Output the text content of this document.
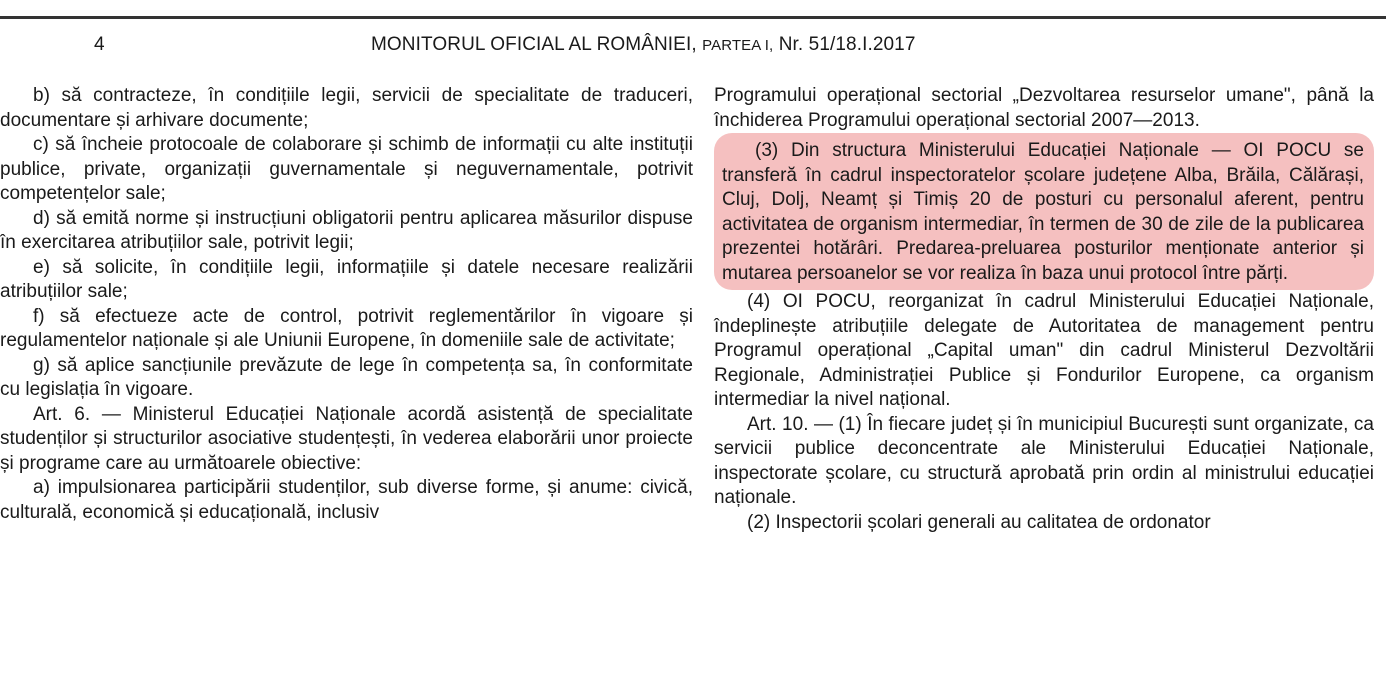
4	MONITORUL OFICIAL AL ROMÂNIEI, PARTEA I, Nr. 51/18.I.2017

b) să contracteze, în condițiile legii, servicii de specialitate de traduceri, documentare și arhivare documente;

c) să încheie protocoale de colaborare și schimb de informații cu alte instituții publice, private, organizații guvernamentale și neguvernamentale, potrivit competențelor sale;

d) să emită norme și instrucțiuni obligatorii pentru aplicarea măsurilor dispuse în exercitarea atribuțiilor sale, potrivit legii;

e) să solicite, în condițiile legii, informațiile și datele necesare realizării atribuțiilor sale;

f) să efectueze acte de control, potrivit reglementărilor în vigoare și regulamentelor naționale și ale Uniunii Europene, în domeniile sale de activitate;

g) să aplice sancțiunile prevăzute de lege în competența sa, în conformitate cu legislația în vigoare.

Art. 6. — Ministerul Educației Naționale acordă asistență de specialitate studenților și structurilor asociative studențești, în vederea elaborării unor proiecte și programe care au următoarele obiective:

a) impulsionarea participării studenților, sub diverse forme, și anume: civică, culturală, economică și educațională, inclusiv

Programului operațional sectorial „Dezvoltarea resurselor umane", până la închiderea Programului operațional sectorial 2007—2013.

(3) Din structura Ministerului Educației Naționale — OI POCU se transferă în cadrul inspectoratelor școlare județene Alba, Brăila, Călărași, Cluj, Dolj, Neamț și Timiș 20 de posturi cu personalul aferent, pentru activitatea de organism intermediar, în termen de 30 de zile de la publicarea prezentei hotărâri. Predarea-preluarea posturilor menționate anterior și mutarea persoanelor se vor realiza în baza unui protocol între părți.

(4) OI POCU, reorganizat în cadrul Ministerului Educației Naționale, îndeplinește atribuțiile delegate de Autoritatea de management pentru Programul operațional „Capital uman" din cadrul Ministerul Dezvoltării Regionale, Administrației Publice și Fondurilor Europene, ca organism intermediar la nivel național.

Art. 10. — (1) În fiecare județ și în municipiul București sunt organizate, ca servicii publice deconcentrate ale Ministerului Educației Naționale, inspectorate școlare, cu structură aprobată prin ordin al ministrului educației naționale.

(2) Inspectorii școlari generali au calitatea de ordonator
